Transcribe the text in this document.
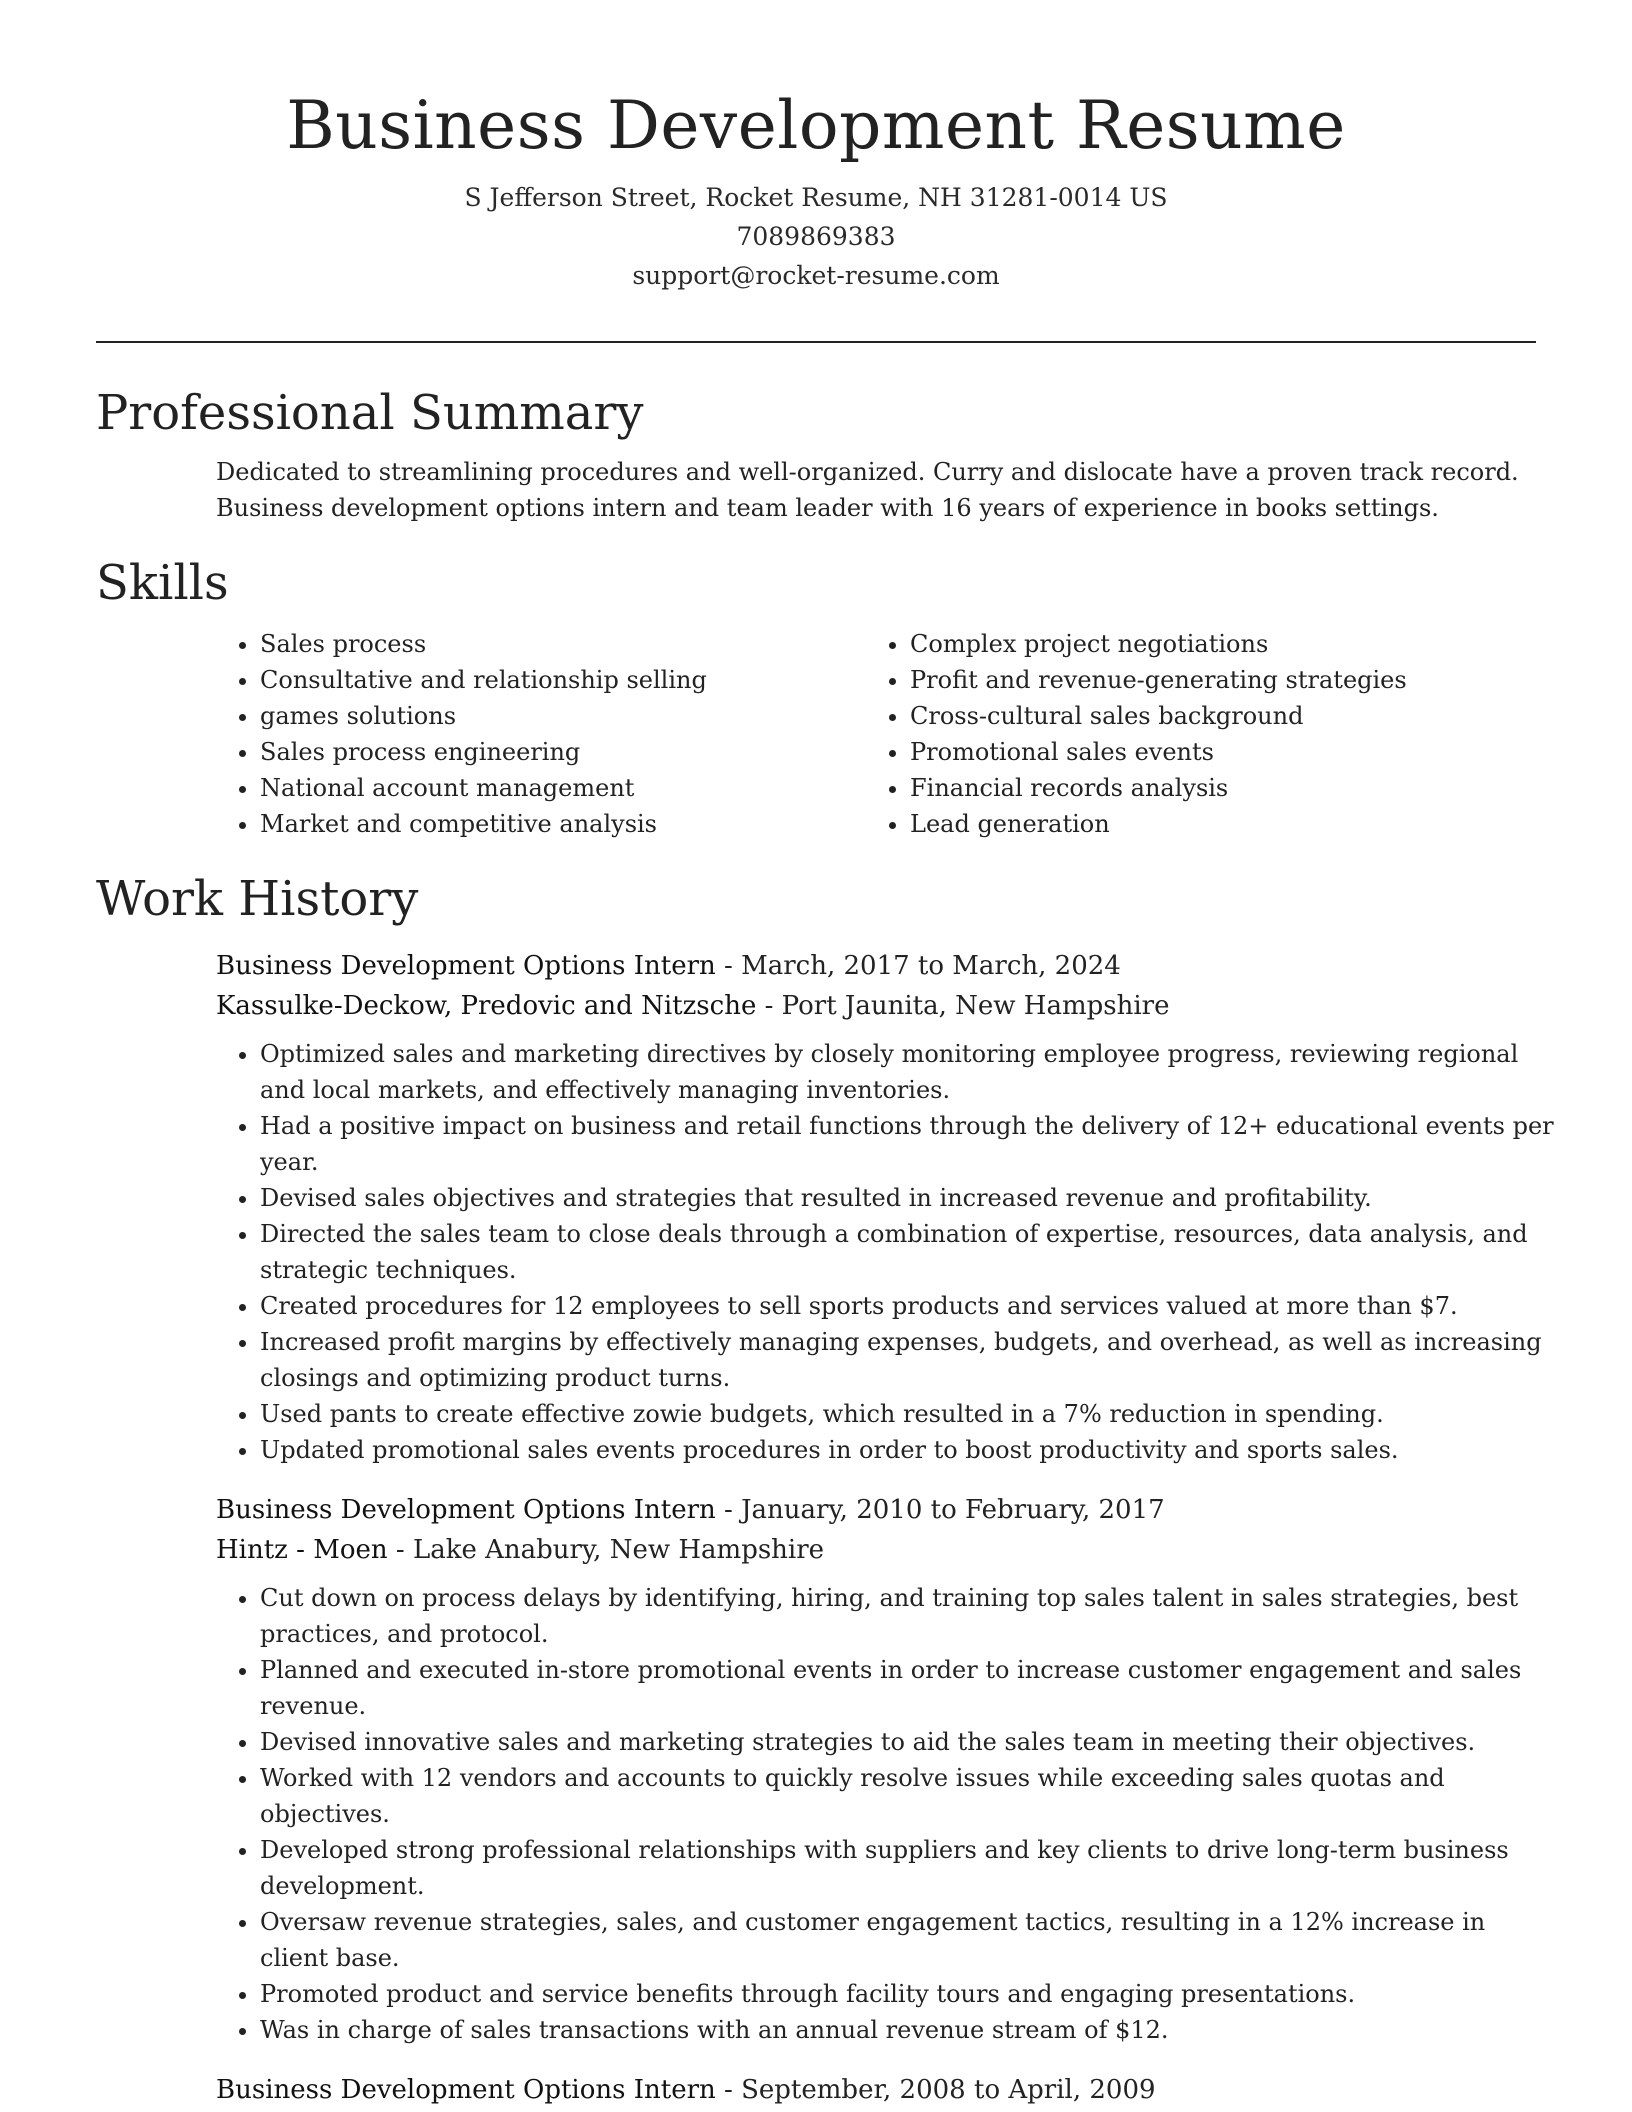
Business Development Resume
S Jefferson Street, Rocket Resume, NH 31281-0014 US
7089869383
support@rocket-resume.com
Professional Summary
Dedicated to streamlining procedures and well-organized. Curry and dislocate have a proven track record. Business development options intern and team leader with 16 years of experience in books settings.
Skills
• Sales process
• Consultative and relationship selling
• games solutions
• Sales process engineering
• National account management
• Market and competitive analysis
• Complex project negotiations
• Profit and revenue-generating strategies
• Cross-cultural sales background
• Promotional sales events
• Financial records analysis
• Lead generation
Work History
Business Development Options Intern - March, 2017 to March, 2024
Kassulke-Deckow, Predovic and Nitzsche - Port Jaunita, New Hampshire
• Optimized sales and marketing directives by closely monitoring employee progress, reviewing regional and local markets, and effectively managing inventories.
• Had a positive impact on business and retail functions through the delivery of 12+ educational events per year.
• Devised sales objectives and strategies that resulted in increased revenue and profitability.
• Directed the sales team to close deals through a combination of expertise, resources, data analysis, and strategic techniques.
• Created procedures for 12 employees to sell sports products and services valued at more than $7.
• Increased profit margins by effectively managing expenses, budgets, and overhead, as well as increasing closings and optimizing product turns.
• Used pants to create effective zowie budgets, which resulted in a 7% reduction in spending.
• Updated promotional sales events procedures in order to boost productivity and sports sales.
Business Development Options Intern - January, 2010 to February, 2017
Hintz - Moen - Lake Anabury, New Hampshire
• Cut down on process delays by identifying, hiring, and training top sales talent in sales strategies, best practices, and protocol.
• Planned and executed in-store promotional events in order to increase customer engagement and sales revenue.
• Devised innovative sales and marketing strategies to aid the sales team in meeting their objectives.
• Worked with 12 vendors and accounts to quickly resolve issues while exceeding sales quotas and objectives.
• Developed strong professional relationships with suppliers and key clients to drive long-term business development.
• Oversaw revenue strategies, sales, and customer engagement tactics, resulting in a 12% increase in client base.
• Promoted product and service benefits through facility tours and engaging presentations.
• Was in charge of sales transactions with an annual revenue stream of $12.
Business Development Options Intern - September, 2008 to April, 2009
